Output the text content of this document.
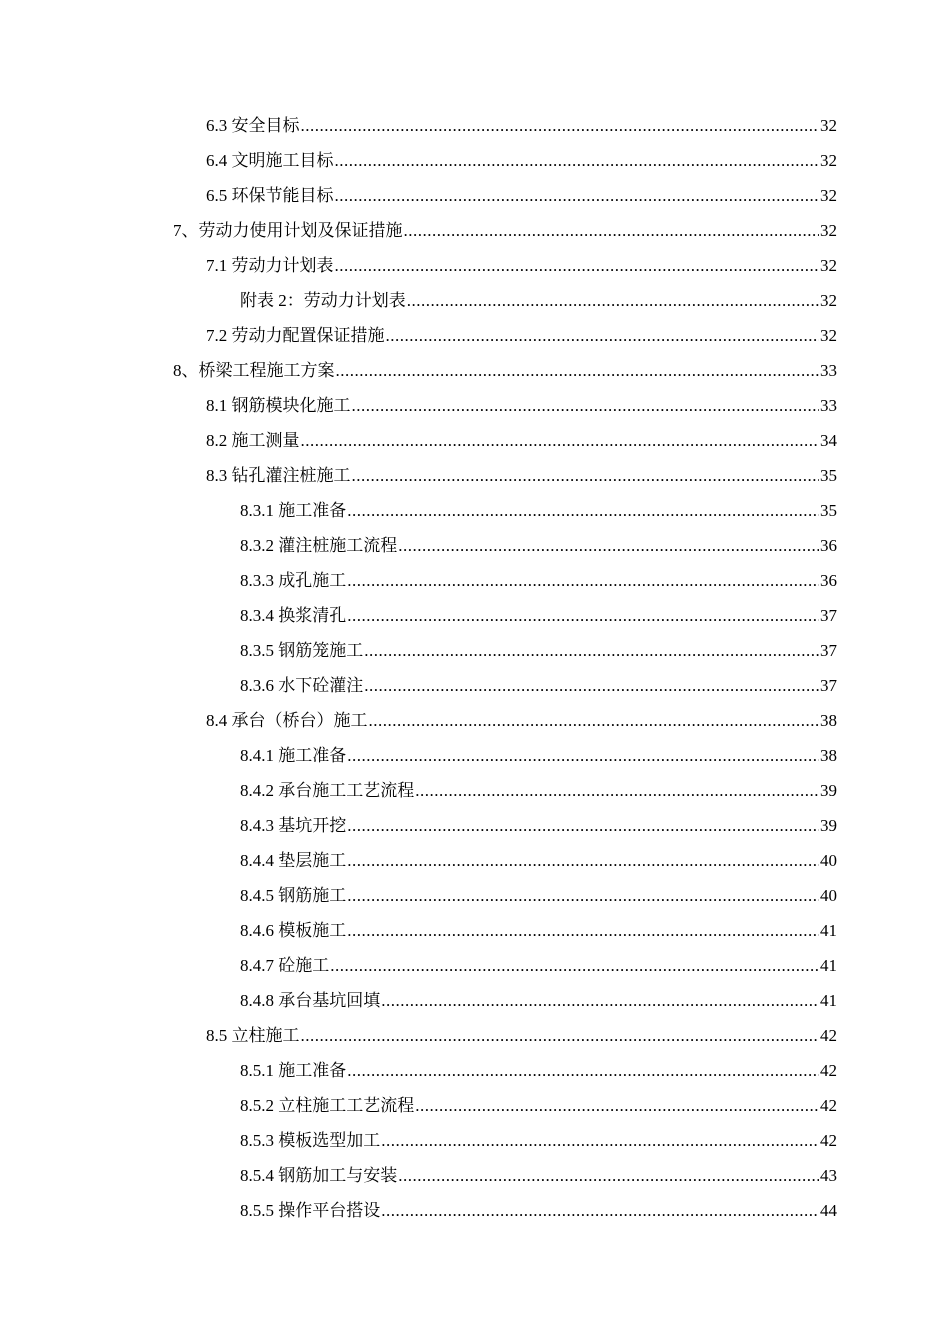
6.3 安全目标 .....	32
6.4 文明施工目标 .....	32
6.5 环保节能目标 .....	32
7、 劳动力使用计划及保证措施 .....	32
7.1 劳动力计划表 .....	32
附表 2：劳动力计划表 .....	32
7.2 劳动力配置保证措施 .....	32
8、 桥梁工程施工方案 .....	33
8.1 钢筋模块化施工 .....	33
8.2 施工测量 .....	34
8.3 钻孔灌注桩施工 .....	35
8.3.1 施工准备 .....	35
8.3.2 灌注桩施工流程 .....	36
8.3.3 成孔施工 .....	36
8.3.4 换浆清孔 .....	37
8.3.5 钢筋笼施工 .....	37
8.3.6 水下砼灌注 .....	37
8.4 承台（桥台）施工 .....	38
8.4.1 施工准备 .....	38
8.4.2 承台施工工艺流程 .....	39
8.4.3 基坑开挖 .....	39
8.4.4 垫层施工 .....	40
8.4.5 钢筋施工 .....	40
8.4.6 模板施工 .....	41
8.4.7 砼施工 .....	41
8.4.8 承台基坑回填 .....	41
8.5 立柱施工 .....	42
8.5.1 施工准备 .....	42
8.5.2 立柱施工工艺流程 .....	42
8.5.3 模板选型加工 .....	42
8.5.4 钢筋加工与安装 .....	43
8.5.5 操作平台搭设 .....	44
